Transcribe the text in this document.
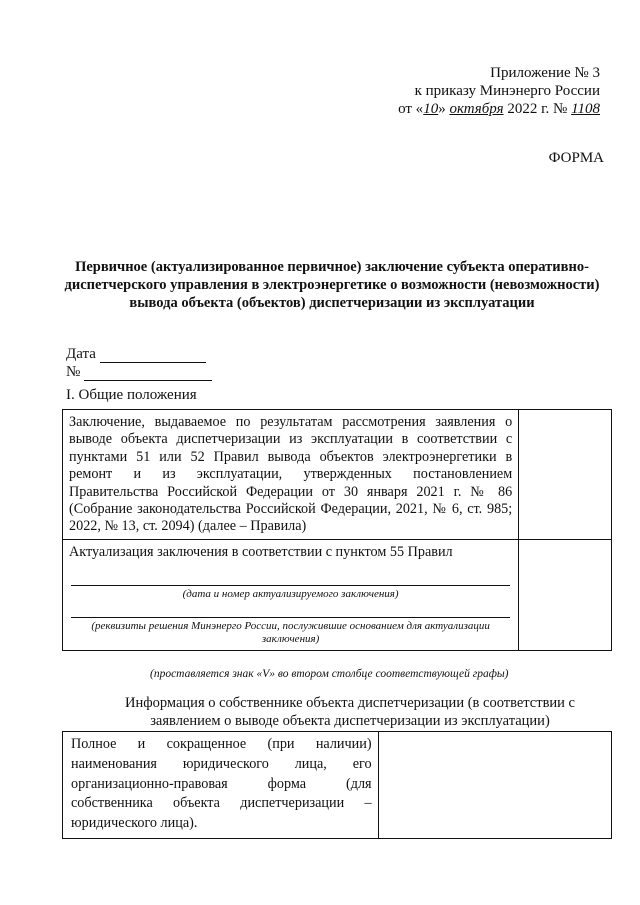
Приложение № 3
к приказу Минэнерго России
от «10» октября 2022 г. № 1108
ФОРМА
Первичное (актуализированное первичное) заключение субъекта оперативно-диспетчерского управления в электроэнергетике о возможности (невозможности) вывода объекта (объектов) диспетчеризации из эксплуатации
Дата
№
I. Общие положения
Заключение, выдаваемое по результатам рассмотрения заявления о выводе объекта диспетчеризации из эксплуатации в соответствии с пунктами 51 или 52 Правил вывода объектов электроэнергетики в ремонт и из эксплуатации, утвержденных постановлением Правительства Российской Федерации от 30 января 2021 г. № 86 (Собрание законодательства Российской Федерации, 2021, № 6, ст. 985; 2022, № 13, ст. 2094) (далее – Правила)	

Актуализация заключения в соответствии с пунктом 55 Правил
(дата и номер актуализируемого заключения)
(реквизиты решения Минэнерго России, послужившие основанием для актуализации заключения)	

(проставляется знак «V» во втором столбце соответствующей графы)
Информация о собственнике объекта диспетчеризации (в соответствии с заявлением о выводе объекта диспетчеризации из эксплуатации)
Полное и сокращенное (при наличии) наименования юридического лица, его организационно-правовая форма (для собственника объекта диспетчеризации – юридического лица).	
